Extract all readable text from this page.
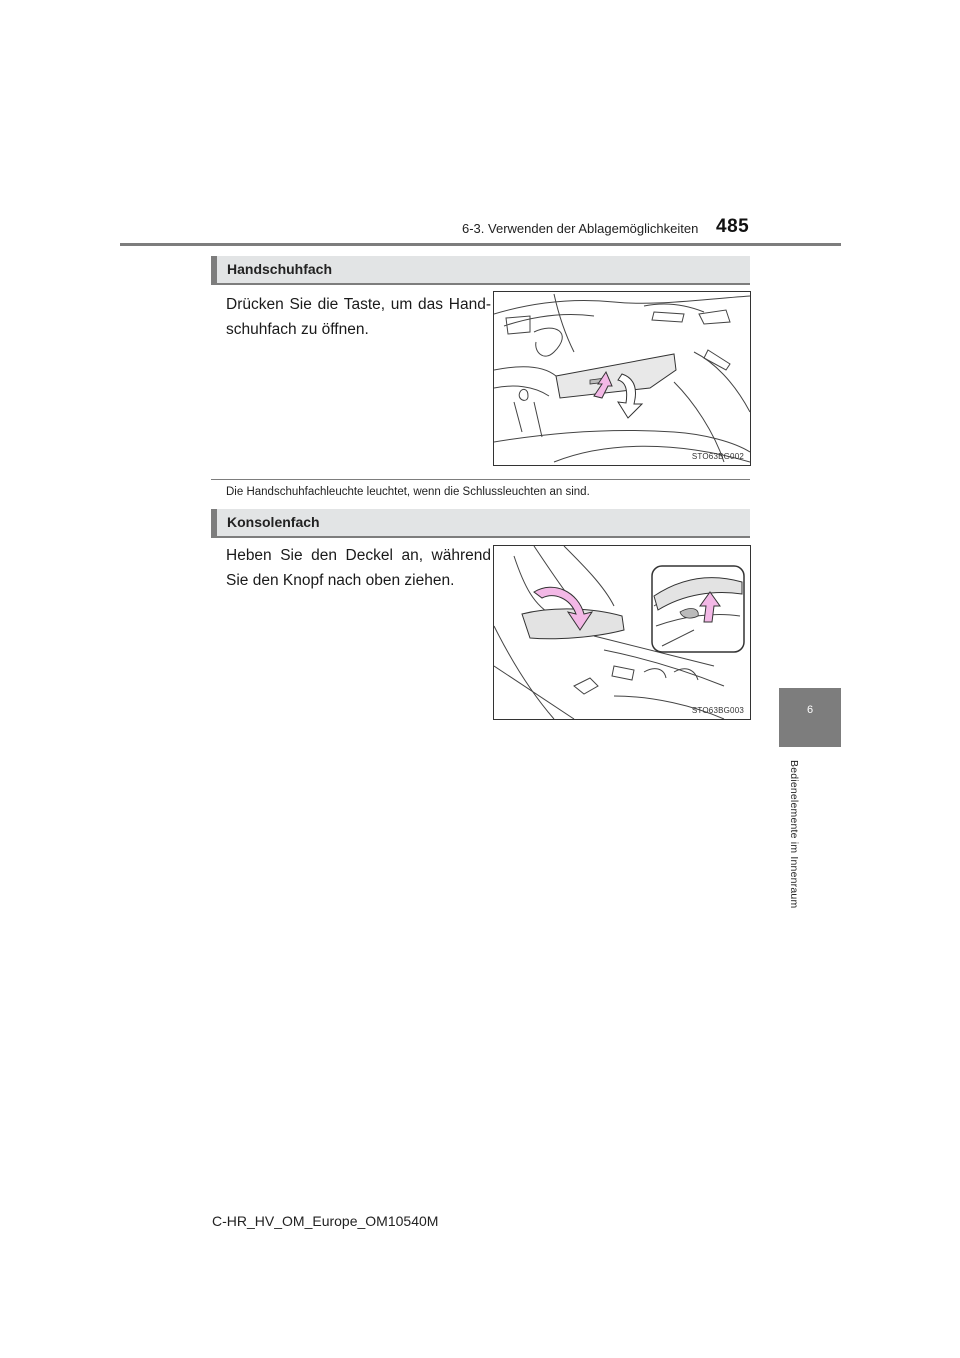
6-3. Verwenden der Ablagemöglichkeiten 485
6
Bedienelemente im Innenraum
Handschuhfach
Drücken Sie die Taste, um das Hand-schuhfach zu öffnen.
STO63BG002
Die Handschuhfachleuchte leuchtet, wenn die Schlussleuchten an sind.
Konsolenfach
Heben Sie den Deckel an, während Sie den Knopf nach oben ziehen.
STO63BG003
C-HR_HV_OM_Europe_OM10540M
